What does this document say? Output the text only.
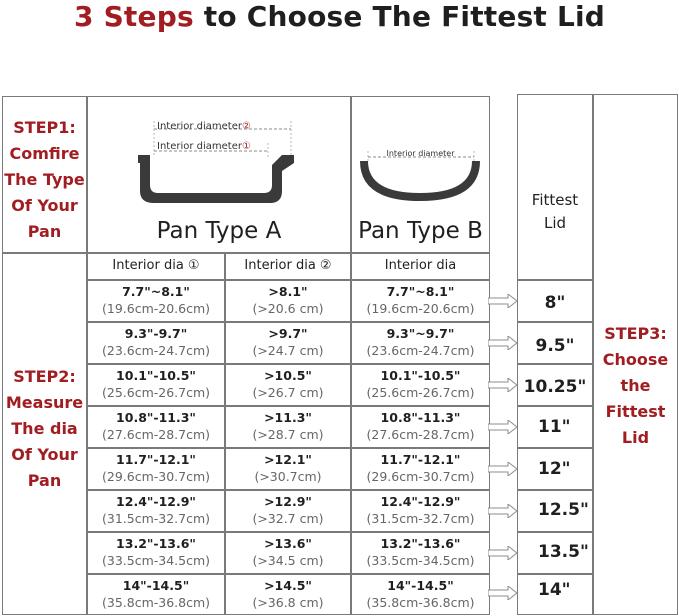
3 Steps to Choose The Fittest Lid
STEP1:
Comfire
The Type
Of Your
Pan
Interior diameter②
Interior diameter①
Pan Type A
Interior diameter
Pan Type B
STEP2:
Measure
The dia
Of Your
Pan
Interior dia ①	Interior dia ②	Interior dia
7.7"~8.1"
(19.6cm-20.6cm)
>8.1"
(>20.6 cm)
7.7"~8.1"
(19.6cm-20.6cm)
9.3"-9.7"
(23.6cm-24.7cm)
>9.7"
(>24.7 cm)
9.3"~9.7"
(23.6cm-24.7cm)
10.1"-10.5"
(25.6cm-26.7cm)
>10.5"
(>26.7 cm)
10.1"-10.5"
(25.6cm-26.7cm)
10.8"-11.3"
(27.6cm-28.7cm)
>11.3"
(>28.7 cm)
10.8"-11.3"
(27.6cm-28.7cm)
11.7"-12.1"
(29.6cm-30.7cm)
>12.1"
(>30.7cm)
11.7"-12.1"
(29.6cm-30.7cm)
12.4"-12.9"
(31.5cm-32.7cm)
>12.9"
(>32.7 cm)
12.4"-12.9"
(31.5cm-32.7cm)
13.2"-13.6"
(33.5cm-34.5cm)
>13.6"
(>34.5 cm)
13.2"-13.6"
(33.5cm-34.5cm)
14"-14.5"
(35.8cm-36.8cm)
>14.5"
(>36.8 cm)
14"-14.5"
(35.8cm-36.8cm)
Fittest
Lid
8"
9.5"
10.25"
11"
12"
12.5"
13.5"
14"
STEP3:
Choose
the
Fittest
Lid
